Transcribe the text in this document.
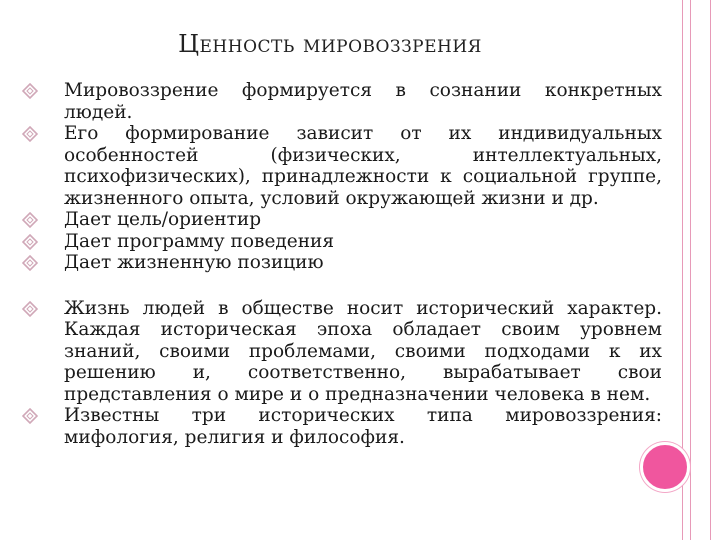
Ценность мировоззрения
Мировоззрение формируется в сознании конкретных людей.
Его формирование зависит от их индивидуальных особенностей (физических, интеллектуальных, психофизических), принадлежности к социальной группе, жизненного опыта, условий окружающей жизни и др.
Дает цель/ориентир
Дает программу поведения
Дает жизненную позицию
Жизнь людей в обществе носит исторический характер. Каждая историческая эпоха обладает своим уровнем знаний, своими проблемами, своими подходами к их решению и, соответственно, вырабатывает свои представления о мире и о предназначении человека в нем.
Известны три исторических типа мировоззрения: мифология, религия и философия.
